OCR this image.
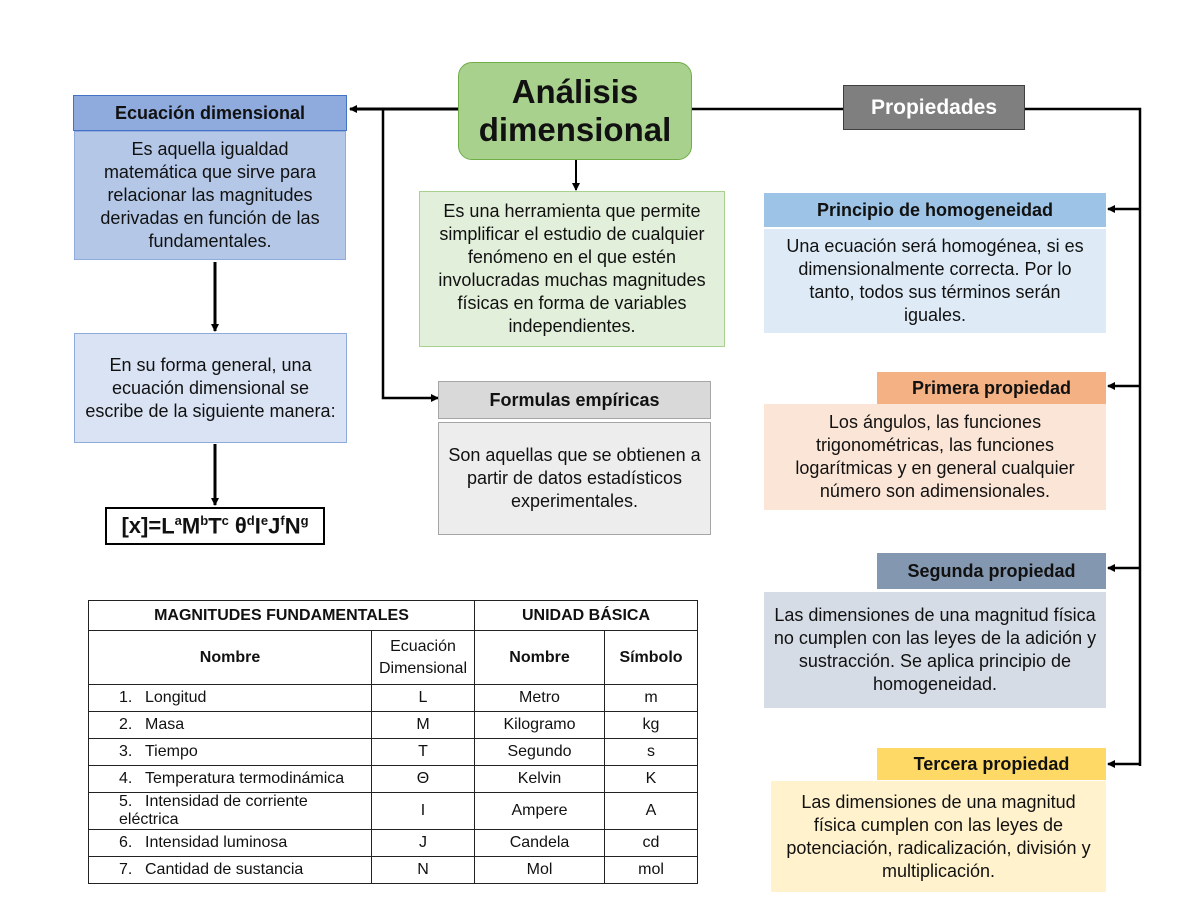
Análisis
dimensional
Es una herramienta que permite simplificar el estudio de cualquier fenómeno en el que estén involucradas muchas magnitudes físicas en forma de variables independientes.
Ecuación dimensional
Es aquella igualdad matemática que sirve para relacionar las magnitudes derivadas en función de las fundamentales.
En su forma general, una ecuación dimensional se escribe de la siguiente manera:
$[x]= L^aM^bT^c$ $\theta^dIeJ^fN^g$
Formulas empíricas
Son aquellas que se obtienen a partir de datos estadísticos experimentales.
Propiedades
Principio de homogeneidad
Una ecuación será homogénea, si es dimensionalmente correcta. Por lo tanto, todos sus términos serán iguales.
Primera propiedad
Los ángulos, las funciones trigonométricas, las funciones logarítmicas y en general cualquier número son adimensionales.
Segunda propiedad
Las dimensiones de una magnitud física no cumplen con las leyes de la adición y sustracción. Se aplica principio de homogeneidad.
Tercera propiedad
Las dimensiones de una magnitud física cumplen con las leyes de potenciación, radicalización, división y multiplicación.
MAGNITUDES FUNDAMENTALES		UNIDAD BÁSICA	
Nombre	Ecuación Dimensional	Nombre	Símbolo
1. Longitud	L	Metro	m
2. Masa	M	Kilogramo	kg
3. Tiempo	T	Segundo	s
4. Temperatura termodinámica	Θ	Kelvin	K
5. Intensidad de corriente eléctrica	I	Ampere	A
6. Intensidad luminosa	J	Candela	cd
7. Cantidad de sustancia	N	Mol	mol
